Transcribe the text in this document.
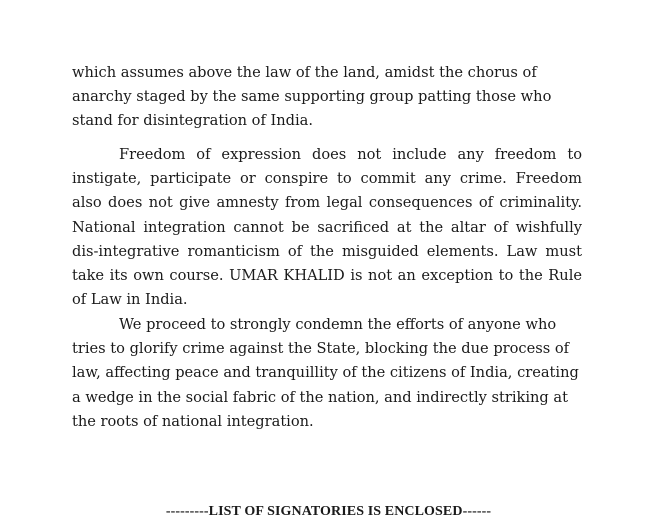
which assumes above the law of the land, amidst the chorus of anarchy staged by the same supporting group patting those who stand for disintegration of India.

Freedom of expression does not include any freedom to instigate, participate or conspire to commit any crime. Freedom also does not give amnesty from legal consequences of criminality. National integration cannot be sacrificed at the altar of wishfully dis-integrative romanticism of the misguided elements. Law must take its own course. UMAR KHALID is not an exception to the Rule of Law in India.

We proceed to strongly condemn the efforts of anyone who tries to glorify crime against the State, blocking the due process of law, affecting peace and tranquillity of the citizens of India, creating a wedge in the social fabric of the nation, and indirectly striking at the roots of national integration.

---------LIST OF SIGNATORIES IS ENCLOSED------
